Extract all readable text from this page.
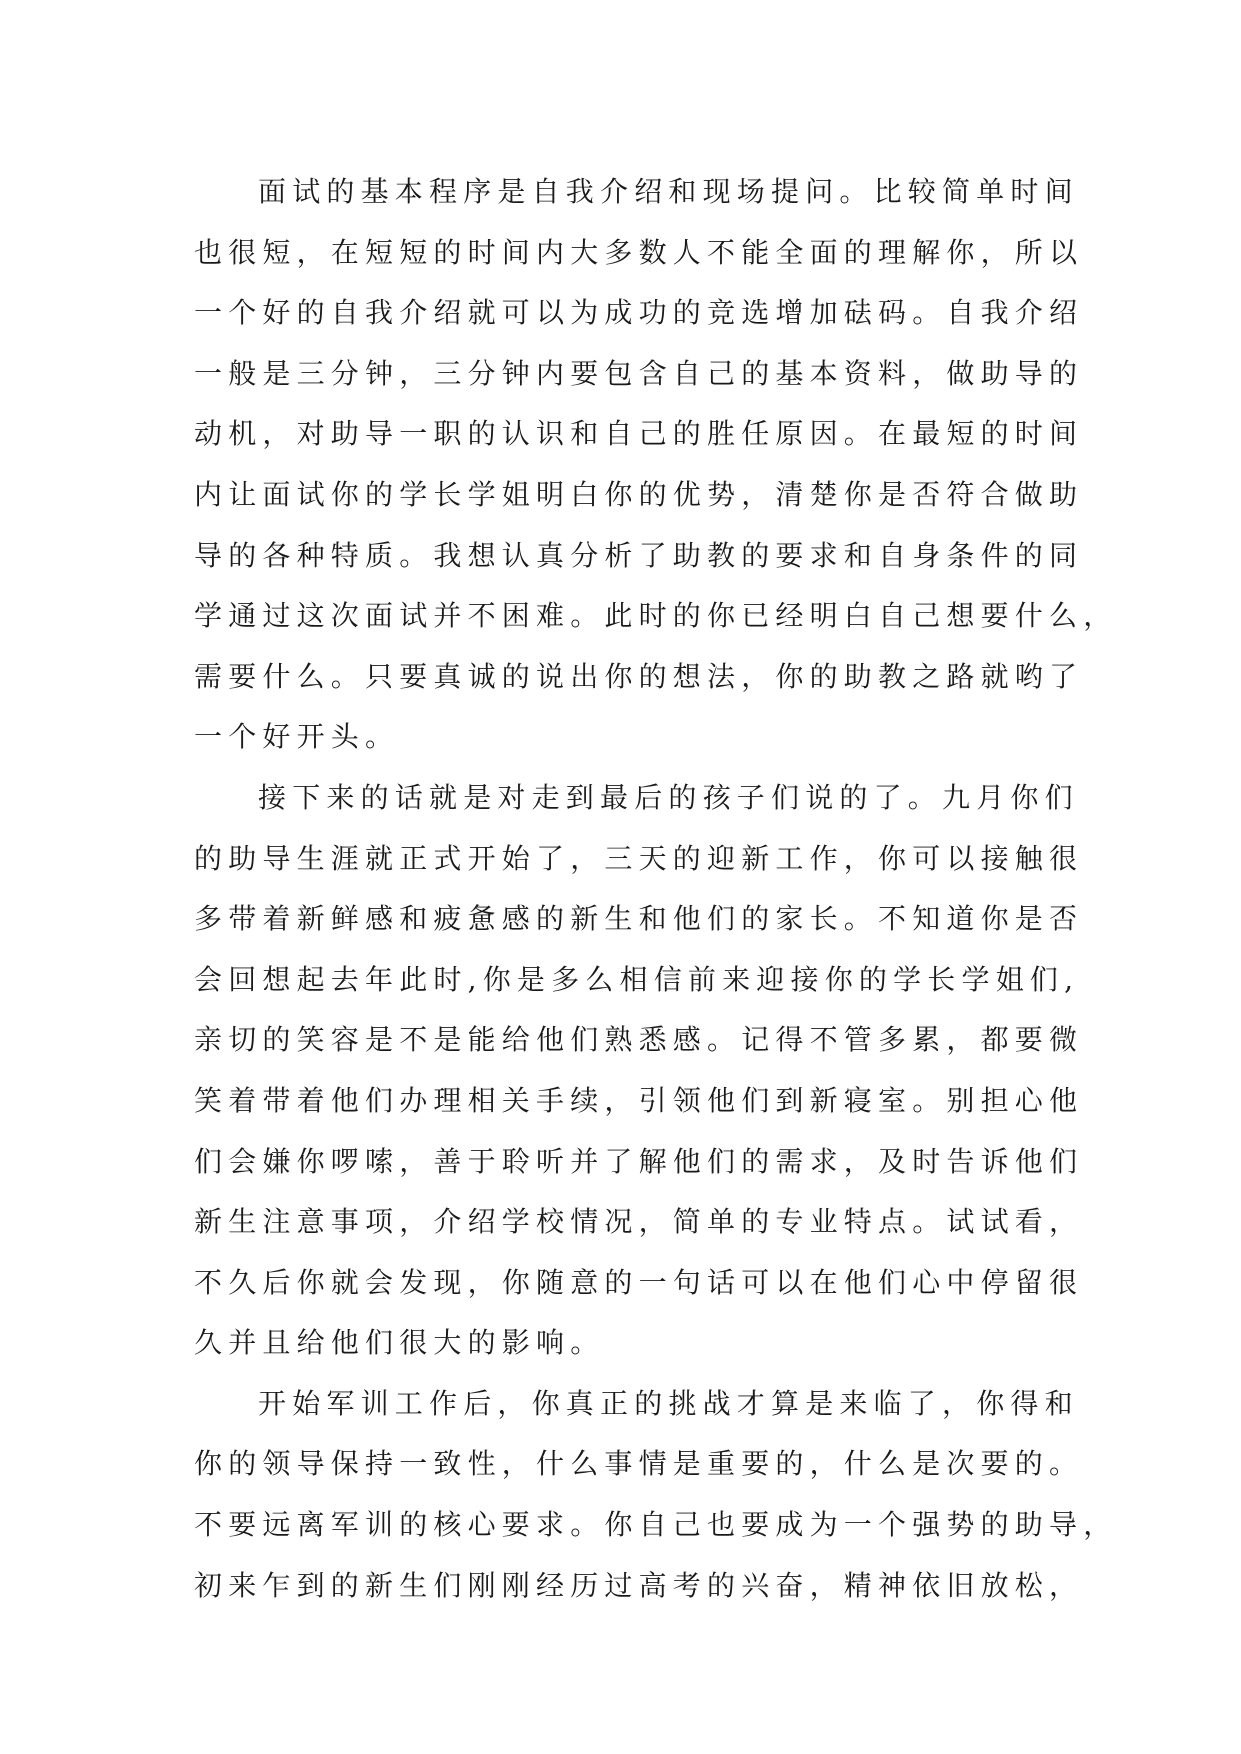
面试的基本程序是自我介绍和现场提问。比较简单时间
也很短，在短短的时间内大多数人不能全面的理解你，所以
一个好的自我介绍就可以为成功的竞选增加砝码。自我介绍
一般是三分钟，三分钟内要包含自己的基本资料，做助导的
动机，对助导一职的认识和自己的胜任原因。在最短的时间
内让面试你的学长学姐明白你的优势，清楚你是否符合做助
导的各种特质。我想认真分析了助教的要求和自身条件的同
学通过这次面试并不困难。此时的你已经明白自己想要什么，
需要什么。只要真诚的说出你的想法，你的助教之路就哟了
一个好开头。
接下来的话就是对走到最后的孩子们说的了。九月你们
的助导生涯就正式开始了，三天的迎新工作，你可以接触很
多带着新鲜感和疲惫感的新生和他们的家长。不知道你是否
会回想起去年此时,你是多么相信前来迎接你的学长学姐们,
亲切的笑容是不是能给他们熟悉感。记得不管多累，都要微
笑着带着他们办理相关手续，引领他们到新寝室。别担心他
们会嫌你啰嗦，善于聆听并了解他们的需求，及时告诉他们
新生注意事项，介绍学校情况，简单的专业特点。试试看，
不久后你就会发现，你随意的一句话可以在他们心中停留很
久并且给他们很大的影响。
开始军训工作后，你真正的挑战才算是来临了，你得和
你的领导保持一致性，什么事情是重要的，什么是次要的。
不要远离军训的核心要求。你自己也要成为一个强势的助导，
初来乍到的新生们刚刚经历过高考的兴奋，精神依旧放松，
